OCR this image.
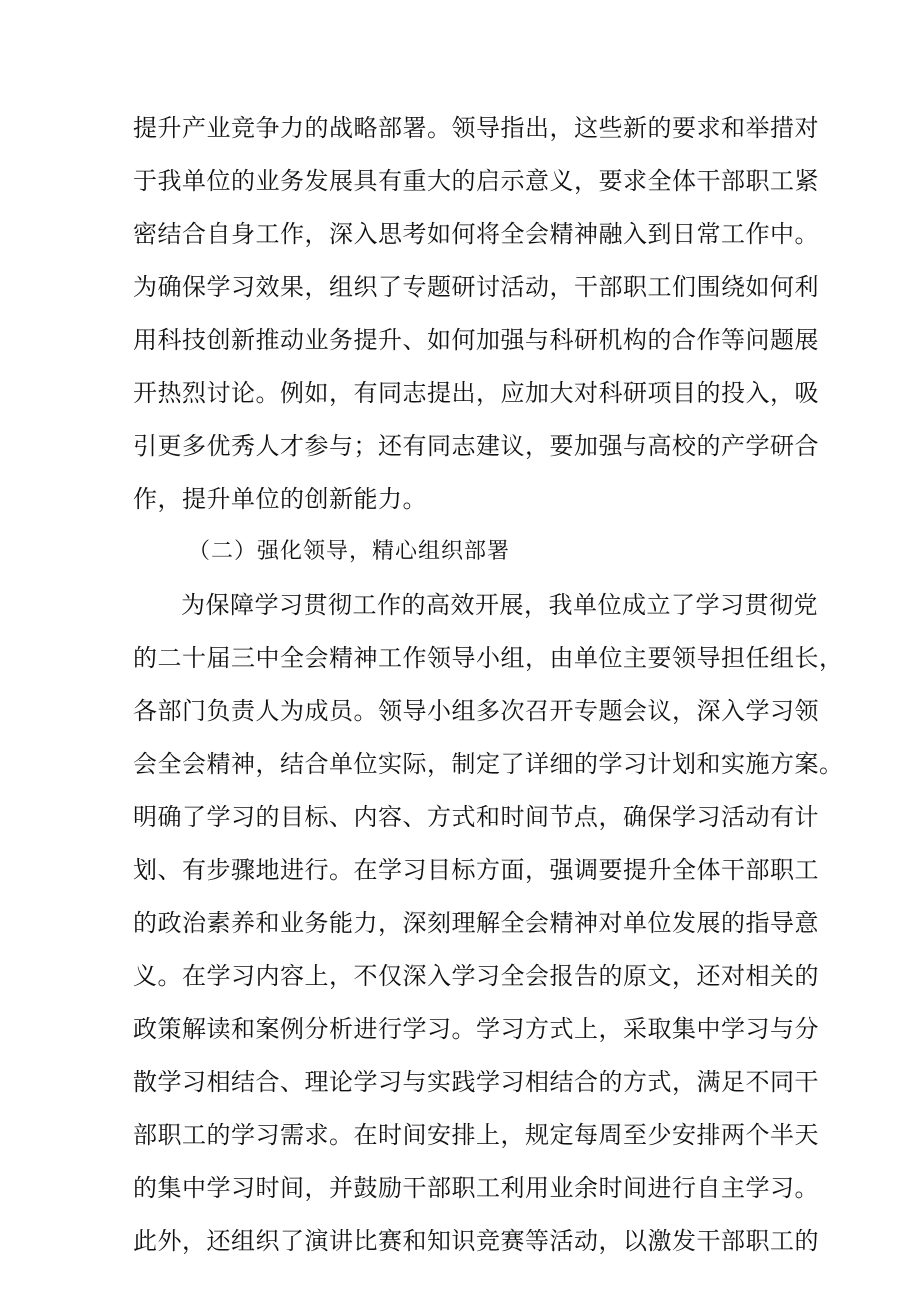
提升产业竞争力的战略部署。领导指出，这些新的要求和举措对
于我单位的业务发展具有重大的启示意义，要求全体干部职工紧
密结合自身工作，深入思考如何将全会精神融入到日常工作中。
为确保学习效果，组织了专题研讨活动，干部职工们围绕如何利
用科技创新推动业务提升、如何加强与科研机构的合作等问题展
开热烈讨论。例如，有同志提出，应加大对科研项目的投入，吸
引更多优秀人才参与；还有同志建议，要加强与高校的产学研合
作，提升单位的创新能力。
（二）强化领导，精心组织部署
为保障学习贯彻工作的高效开展，我单位成立了学习贯彻党
的二十届三中全会精神工作领导小组，由单位主要领导担任组长，
各部门负责人为成员。领导小组多次召开专题会议，深入学习领
会全会精神，结合单位实际，制定了详细的学习计划和实施方案。
明确了学习的目标、内容、方式和时间节点，确保学习活动有计
划、有步骤地进行。在学习目标方面，强调要提升全体干部职工
的政治素养和业务能力，深刻理解全会精神对单位发展的指导意
义。在学习内容上，不仅深入学习全会报告的原文，还对相关的
政策解读和案例分析进行学习。学习方式上，采取集中学习与分
散学习相结合、理论学习与实践学习相结合的方式，满足不同干
部职工的学习需求。在时间安排上，规定每周至少安排两个半天
的集中学习时间，并鼓励干部职工利用业余时间进行自主学习。
此外，还组织了演讲比赛和知识竞赛等活动，以激发干部职工的
